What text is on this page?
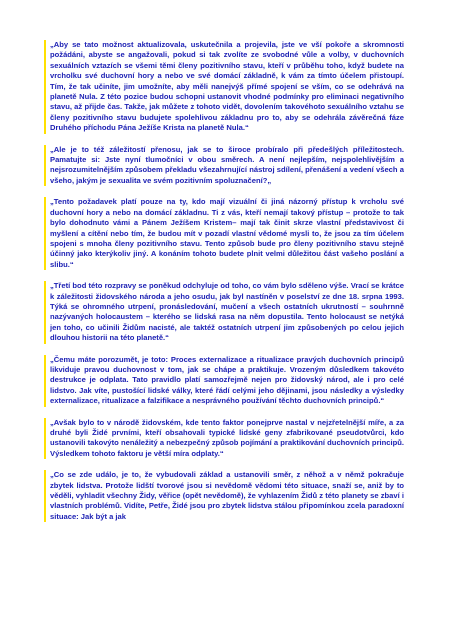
„Aby se tato možnost aktualizovala, uskutečnila a projevila, jste ve vší pokoře a skromnosti požádáni, abyste se angažovali, pokud si tak zvolíte ze svobodné vůle a volby, v duchovních sexuálních vztazích se všemi těmi členy pozitivního stavu, kteří v průběhu toho, když budete na vrcholku své duchovní hory a nebo ve své domácí základně, k vám za tímto účelem přistoupí. Tím, že tak učiníte, jim umožníte, aby měli nanejvýš přímé spojení se vším, co se odehrává na planetě Nula. Z této pozice budou schopni ustanovit vhodné podmínky pro eliminaci negativního stavu, až přijde čas. Takže, jak můžete z tohoto vidět, dovolením takovéhoto sexuálního vztahu se členy pozitivního stavu budujete spolehlivou základnu pro to, aby se odehrála závěrečná fáze Druhého příchodu Pána Ježíše Krista na planetě Nula.“

„Ale je to též záležitostí přenosu, jak se to široce probíralo při předešlých příležitostech. Pamatujte si: Jste nyní tlumočníci v obou směrech. A není nejlepším, nejspolehlivějším a nejsrozumitelnějším způsobem překladu všezahrnující nástroj sdílení, přenášení a vedení všech a všeho, jakým je sexualita ve svém pozitivním spoluznačení?„

„Tento požadavek platí pouze na ty, kdo mají vizuální či jiná názorný přístup k vrcholu své duchovní hory a nebo na domácí základnu. Ti z vás, kteří nemají takový přístup – protože to tak bylo dohodnuto vámi a Pánem Ježíšem Kristem– mají tak činit skrze vlastní představivost či myšlení a cítění nebo tím, že budou mít v pozadí vlastní vědomé mysli to, že jsou za tím účelem spojeni s mnoha členy pozitivního stavu. Tento způsob bude pro členy pozitivního stavu stejně účinný jako kterýkoliv jiný. A konáním tohoto budete plnit velmi důležitou část vašeho poslání a slibu.“

„Třetí bod této rozpravy se poněkud odchyluje od toho, co vám bylo sděleno výše. Vrací se krátce k záležitosti židovského národa a jeho osudu, jak byl nastíněn v poselství ze dne 18. srpna 1993. Týká se ohromného utrpení, pronásledování, mučení a všech ostatních ukrutností – souhrnně nazývaných holocaustem – kterého se lidská rasa na něm dopustila. Tento holocaust se netýká jen toho, co učinili Židům nacisté, ale taktéž ostatních utrpení jim způsobených po celou jejich dlouhou historii na této planetě.“

„Čemu máte porozumět, je toto: Proces externalizace a ritualizace pravých duchovních principů likviduje pravou duchovnost v tom, jak se chápe a praktikuje. Vrozeným důsledkem takovéto destrukce je odplata. Tato pravidlo platí samozřejmě nejen pro židovský národ, ale i pro celé lidstvo. Jak víte, pustošící lidské války, které řádí celými jeho dějinami, jsou následky a výsledky externalizace, ritualizace a falzifikace a nesprávného používání těchto duchovních principů.“

„Avšak bylo to v národě židovském, kde tento faktor ponejprve nastal v nejzřetelnější míře, a za druhé byli Židé prvními, kteří obsahovali typické lidské geny zfabrikované pseudotvůrci, kdo ustanovili takovýto nenáležitý a nebezpečný způsob pojímání a praktikování duchovních principů. Výsledkem tohoto faktoru je větší míra odplaty.“

„Co se zde událo, je to, že vybudovali základ a ustanovili směr, z něhož a v němž pokračuje zbytek lidstva. Protože lidští tvorové jsou si nevědomě vědomi této situace, snaží se, aniž by to věděli, vyhladit všechny Židy, věřice (opět nevědomě), že vyhlazením Židů z této planety se zbaví i vlastních problémů. Vidíte, Petře, Židé jsou pro zbytek lidstva stálou připomínkou zcela paradoxní situace: Jak být a jak
